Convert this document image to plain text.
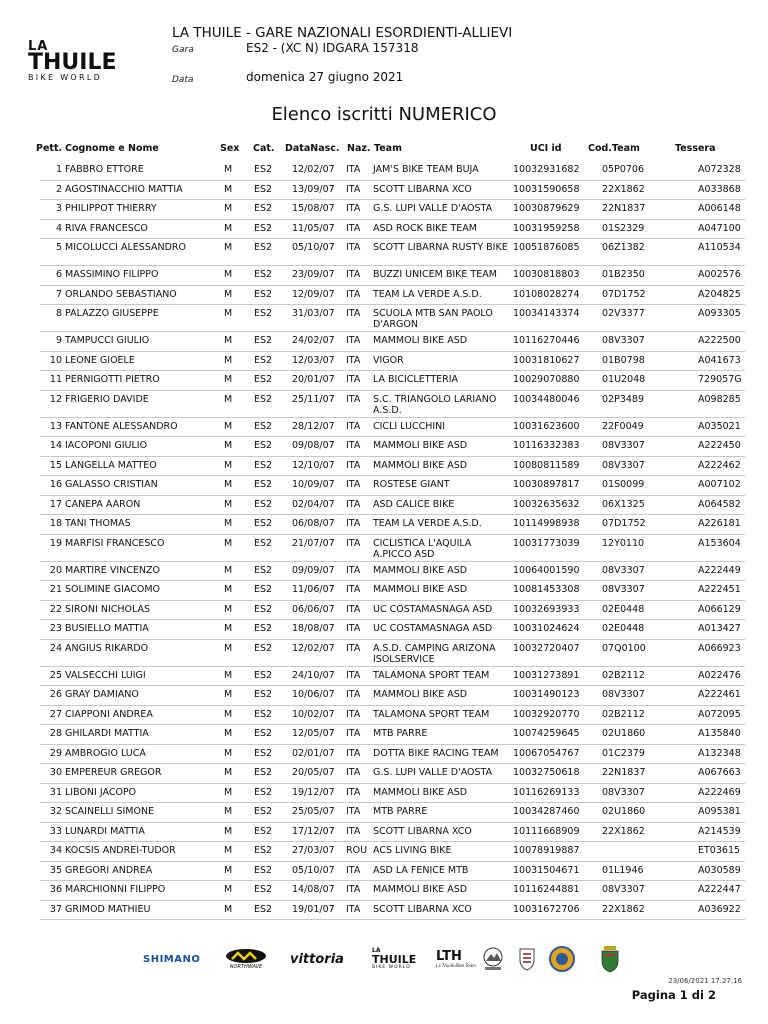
LA
THUILE
BIKE WORLD
LA THUILE - GARE NAZIONALI ESORDIENTI-ALLIEVI
Gara	ES2 - (XC N) IDGARA 157318
Data	domenica 27 giugno 2021
Elenco iscritti NUMERICO
Pett. Cognome e Nome	Sex Cat. DataNasc. Naz. Team	UCI id	Cod.Team	Tessera
1 FABBRO ETTORE	M ES2 12/02/07 ITA JAM'S BIKE TEAM BUJA	10032931682 05P0706	A072328
2 AGOSTINACCHIO MATTIA	M ES2 13/09/07 ITA SCOTT LIBARNA XCO	10031590658 22X1862	A033868
3 PHILIPPOT THIERRY	M ES2 15/08/07 ITA G.S. LUPI VALLE D'AOSTA	10030879629 22N1837	A006148
4 RIVA FRANCESCO	M ES2 11/05/07 ITA ASD ROCK BIKE TEAM	10031959258 01S2329	A047100
5 MICOLUCCI ALESSANDRO	M ES2 05/10/07 ITA SCOTT LIBARNA RUSTY BIKE 10051876085 06Z1382	A110534
6 MASSIMINO FILIPPO	M ES2 23/09/07 ITA BUZZI UNICEM BIKE TEAM	10030818803 01B2350	A002576
7 ORLANDO SEBASTIANO	M ES2 12/09/07 ITA TEAM LA VERDE A.S.D.	10108028274 07D1752	A204825
8 PALAZZO GIUSEPPE	M ES2 31/03/07 ITA SCUOLA MTB SAN PAOLO D'ARGON
10034143374 02V3377	A093305
9 TAMPUCCI GIULIO	M ES2 24/02/07 ITA MAMMOLI BIKE ASD	10116270446 08V3307	A222500
10 LEONE GIOELE	M ES2 12/03/07 ITA VIGOR	10031810627 01B0798	A041673
11 PERNIGOTTI PIETRO	M ES2 20/01/07 ITA LA BICICLETTERIA	10029070880 01U2048	729057G
12 FRIGERIO DAVIDE	M ES2 25/11/07 ITA S.C. TRIANGOLO LARIANO A.S.D.
10034480046 02P3489	A098285
13 FANTONE ALESSANDRO	M ES2 28/12/07 ITA CICLI LUCCHINI	10031623600 22F0049	A035021
14 IACOPONI GIULIO	M ES2 09/08/07 ITA MAMMOLI BIKE ASD	10116332383 08V3307	A222450
15 LANGELLA MATTEO	M ES2 12/10/07 ITA MAMMOLI BIKE ASD	10080811589 08V3307	A222462
16 GALASSO CRISTIAN	M ES2 10/09/07 ITA ROSTESE GIANT	10030897817 01S0099	A007102
17 CANEPA AARON	M ES2 02/04/07 ITA ASD CALICE BIKE	10032635632 06X1325	A064582
18 TANI THOMAS	M ES2 06/08/07 ITA TEAM LA VERDE A.S.D.	10114998938 07D1752	A226181
19 MARFISI FRANCESCO	M ES2 21/07/07 ITA CICLISTICA L'AQUILA A.PICCO ASD
10031773039 12Y0110	A153604
20 MARTIRE VINCENZO	M ES2 09/09/07 ITA MAMMOLI BIKE ASD	10064001590 08V3307	A222449
21 SOLIMINE GIACOMO	M ES2 11/06/07 ITA MAMMOLI BIKE ASD	10081453308 08V3307	A222451
22 SIRONI NICHOLAS	M ES2 06/06/07 ITA UC COSTAMASNAGA ASD	10032693933 02E0448	A066129
23 BUSIELLO MATTIA	M ES2 18/08/07 ITA UC COSTAMASNAGA ASD	10031024624 02E0448	A013427
24 ANGIUS RIKARDO	M ES2 12/02/07 ITA A.S.D. CAMPING ARIZONA ISOLSERVICE
10032720407 07Q0100	A066923
25 VALSECCHI LUIGI	M ES2 24/10/07 ITA TALAMONA SPORT TEAM	10031273891 02B2112	A022476
26 GRAY DAMIANO	M ES2 10/06/07 ITA MAMMOLI BIKE ASD	10031490123 08V3307	A222461
27 CIAPPONI ANDREA	M ES2 10/02/07 ITA TALAMONA SPORT TEAM	10032920770 02B2112	A072095
28 GHILARDI MATTIA	M ES2 12/05/07 ITA MTB PARRE	10074259645 02U1860	A135840
29 AMBROGIO LUCA	M ES2 02/01/07 ITA DOTTA BIKE RACING TEAM	10067054767 01C2379	A132348
30 EMPEREUR GREGOR	M ES2 20/05/07 ITA G.S. LUPI VALLE D'AOSTA	10032750618 22N1837	A067663
31 LIBONI JACOPO	M ES2 19/12/07 ITA MAMMOLI BIKE ASD	10116269133 08V3307	A222469
32 SCAINELLI SIMONE	M ES2 25/05/07 ITA MTB PARRE	10034287460 02U1860	A095381
33 LUNARDI MATTIA	M ES2 17/12/07 ITA SCOTT LIBARNA XCO	10111668909 22X1862	A214539
34 KOCSIS ANDREI-TUDOR	M ES2 27/03/07 ROU ACS LIVING BIKE	10078919887	ET03615
35 GREGORI ANDREA	M ES2 05/10/07 ITA ASD LA FENICE MTB	10031504671 01L1946	A030589
36 MARCHIONNI FILIPPO	M ES2 14/08/07 ITA MAMMOLI BIKE ASD	10116244881 08V3307	A222447
37 GRIMOD MATHIEU	M ES2 19/01/07 ITA SCOTT LIBARNA XCO	10031672706 22X1862	A036922
SHIMANO
NORTHWAVE
vittoria
LA
THUILE
BIKE WORLD
LTH
La Thuile Bike Team
23/06/2021 17.27.16
Pagina 1 di 2
